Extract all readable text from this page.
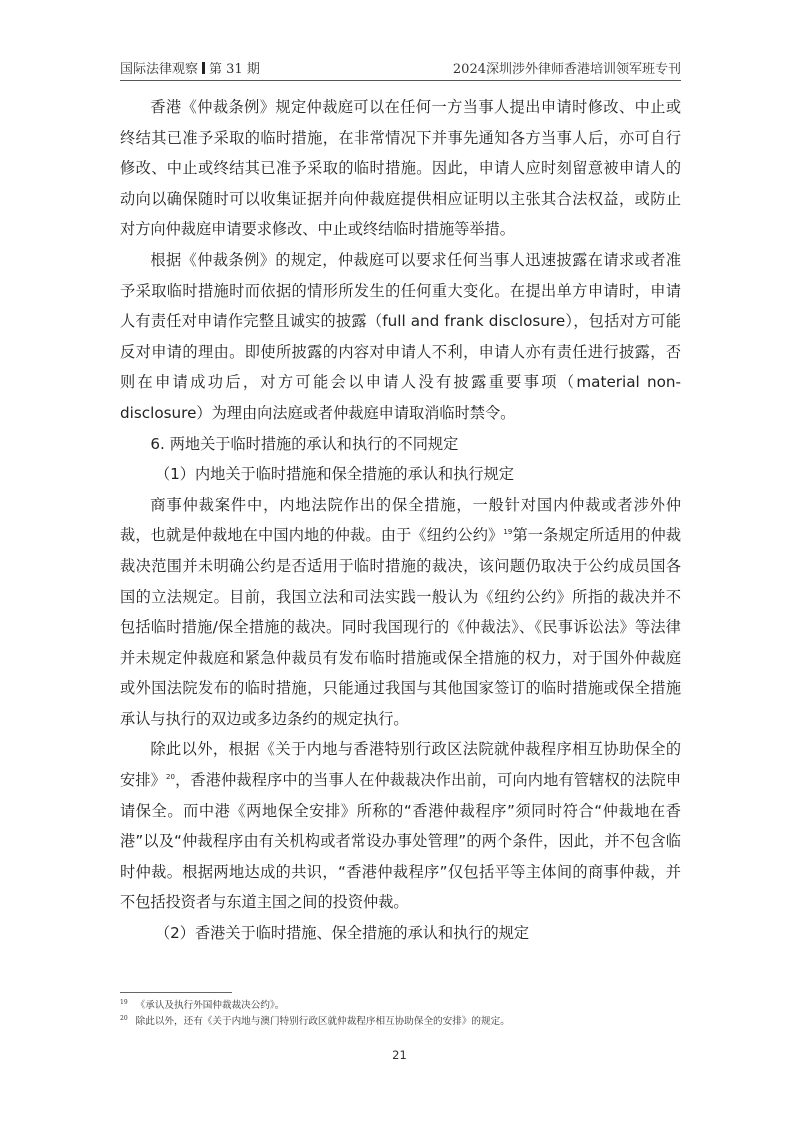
国际法律观察 第 31 期	2024深圳涉外律师香港培训领军班专刊

香港《仲裁条例》规定仲裁庭可以在任何一方当事人提出申请时修改、中止或终结其已准予采取的临时措施，在非常情况下并事先通知各方当事人后，亦可自行修改、中止或终结其已准予采取的临时措施。因此，申请人应时刻留意被申请人的动向以确保随时可以收集证据并向仲裁庭提供相应证明以主张其合法权益，或防止对方向仲裁庭申请要求修改、中止或终结临时措施等举措。

根据《仲裁条例》的规定，仲裁庭可以要求任何当事人迅速披露在请求或者准予采取临时措施时而依据的情形所发生的任何重大变化。在提出单方申请时，申请人有责任对申请作完整且诚实的披露（full and frank disclosure），包括对方可能反对申请的理由。即使所披露的内容对申请人不利，申请人亦有责任进行披露，否则在申请成功后，对方可能会以申请人没有披露重要事项（material non-disclosure）为理由向法庭或者仲裁庭申请取消临时禁令。

6. 两地关于临时措施的承认和执行的不同规定

（1）内地关于临时措施和保全措施的承认和执行规定

商事仲裁案件中，内地法院作出的保全措施，一般针对国内仲裁或者涉外仲裁，也就是仲裁地在中国内地的仲裁。由于《纽约公约》$^{19}$第一条规定所适用的仲裁裁决范围并未明确公约是否适用于临时措施的裁决，该问题仍取决于公约成员国各国的立法规定。目前，我国立法和司法实践一般认为《纽约公约》所指的裁决并不包括临时措施/保全措施的裁决。同时我国现行的《仲裁法》、《民事诉讼法》等法律并未规定仲裁庭和紧急仲裁员有发布临时措施或保全措施的权力，对于国外仲裁庭或外国法院发布的临时措施，只能通过我国与其他国家签订的临时措施或保全措施承认与执行的双边或多边条约的规定执行。

除此以外，根据《关于内地与香港特别行政区法院就仲裁程序相互协助保全的安排》$^{20}$，香港仲裁程序中的当事人在仲裁裁决作出前，可向内地有管辖权的法院申请保全。而中港《两地保全安排》所称的“香港仲裁程序”须同时符合“仲裁地在香港”以及“仲裁程序由有关机构或者常设办事处管理”的两个条件，因此，并不包含临时仲裁。根据两地达成的共识，“香港仲裁程序”仅包括平等主体间的商事仲裁，并不包括投资者与东道主国之间的投资仲裁。

（2）香港关于临时措施、保全措施的承认和执行的规定

$^{19}$ 《承认及执行外国仲裁裁决公约》。
$^{20}$ 除此以外，还有《关于内地与澳门特别行政区就仲裁程序相互协助保全的安排》的规定。
21
